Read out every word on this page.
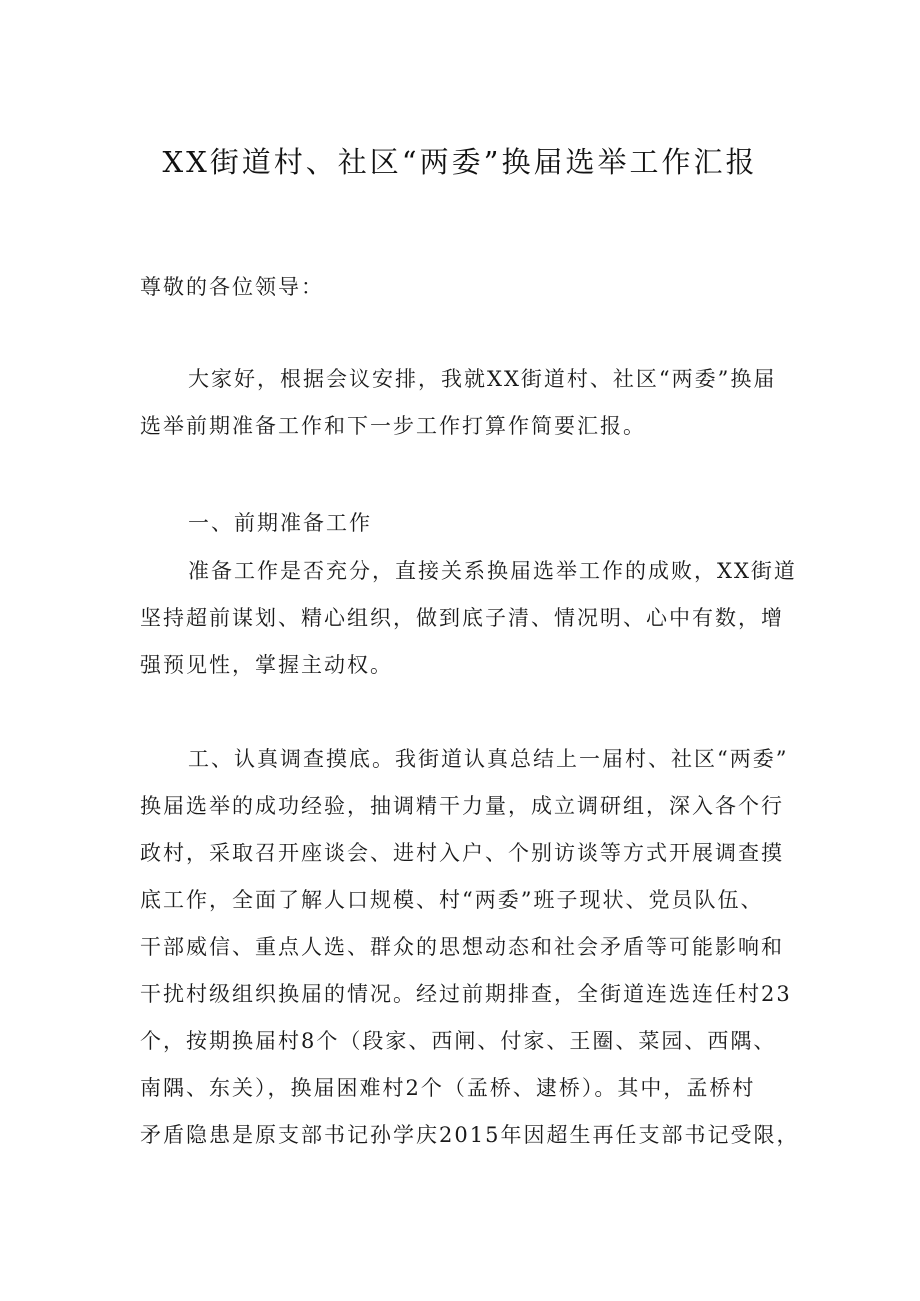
XX街道村、社区“两委”换届选举工作汇报
尊敬的各位领导：
大家好，根据会议安排，我就XX街道村、社区“两委”换届
选举前期准备工作和下一步工作打算作简要汇报。
一、前期准备工作
准备工作是否充分，直接关系换届选举工作的成败，XX街道
坚持超前谋划、精心组织，做到底子清、情况明、心中有数，增
强预见性，掌握主动权。
工、认真调查摸底。我街道认真总结上一届村、社区“两委”
换届选举的成功经验，抽调精干力量，成立调研组，深入各个行
政村，采取召开座谈会、进村入户、个别访谈等方式开展调查摸
底工作，全面了解人口规模、村“两委”班子现状、党员队伍、
干部威信、重点人选、群众的思想动态和社会矛盾等可能影响和
干扰村级组织换届的情况。经过前期排查，全街道连选连任村23
个，按期换届村8个（段家、西闸、付家、王圈、菜园、西隅、
南隅、东关），换届困难村2个（孟桥、逮桥）。其中，孟桥村
矛盾隐患是原支部书记孙学庆2015年因超生再任支部书记受限，
